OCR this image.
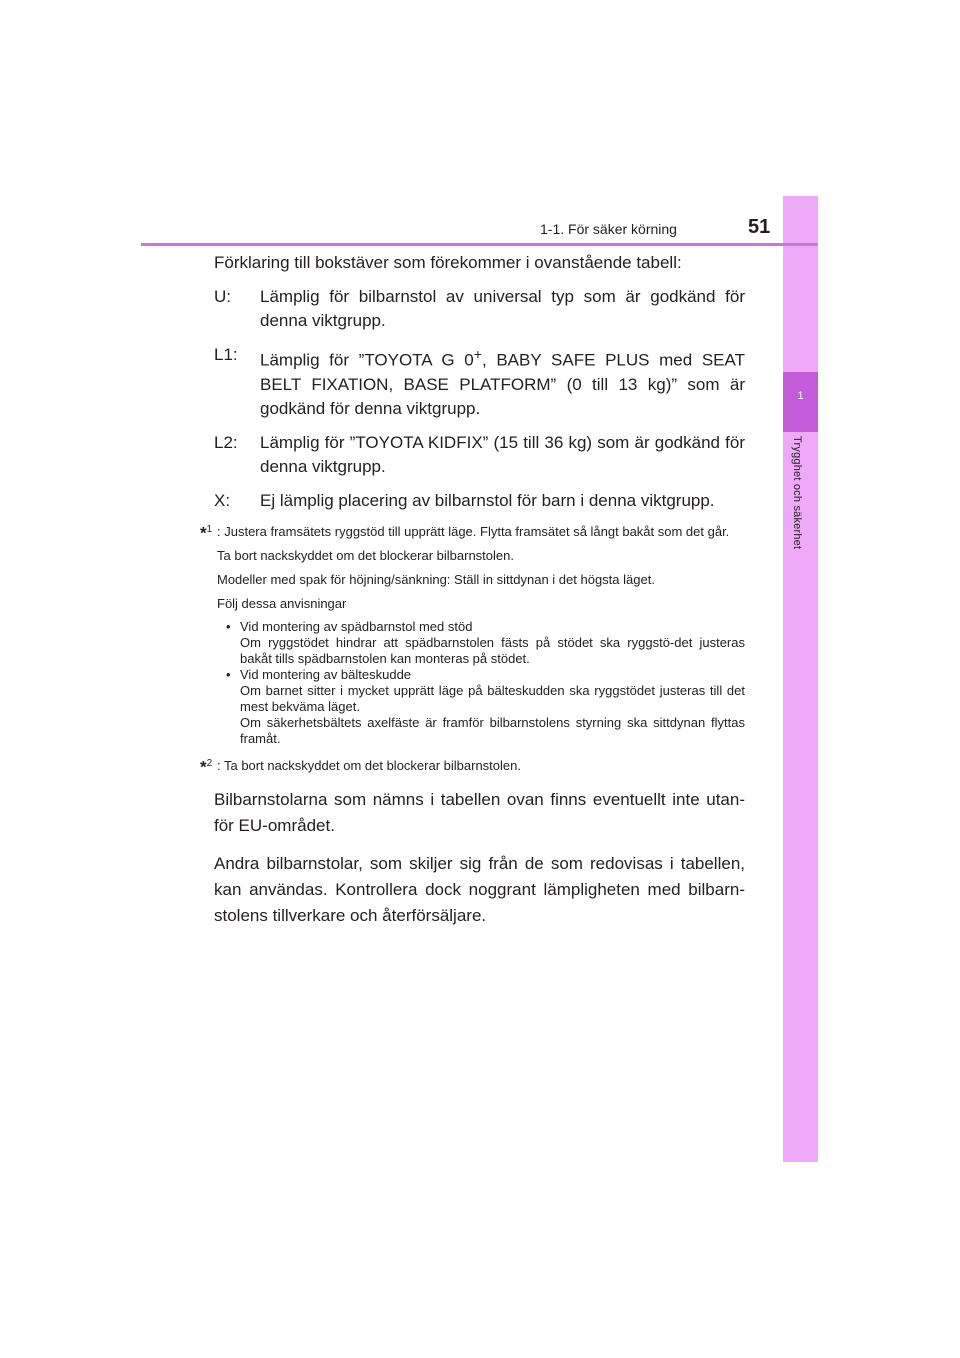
1
Trygghet och säkerhet
1-1. För säker körning	51
Förklaring till bokstäver som förekommer i ovanstående tabell:
U: Lämplig för bilbarnstol av universal typ som är godkänd för denna viktgrupp.
L1: Lämplig för ”TOYOTA G 0+, BABY SAFE PLUS med SEAT BELT FIXATION, BASE PLATFORM” (0 till 13 kg)” som är godkänd för denna viktgrupp.
L2: Lämplig för ”TOYOTA KIDFIX” (15 till 36 kg) som är godkänd för denna viktgrupp.
X: Ej lämplig placering av bilbarnstol för barn i denna viktgrupp.
*$^1$ : Justera framsätets ryggstöd till upprätt läge. Flytta framsätet så långt bakåt som det går.
Ta bort nackskyddet om det blockerar bilbarnstolen.
Modeller med spak för höjning/sänkning: Ställ in sittdynan i det högsta läget.
Följ dessa anvisningar
• Vid montering av spädbarnstol med stöd
Om ryggstödet hindrar att spädbarnstolen fästs på stödet ska ryggstö-det justeras bakåt tills spädbarnstolen kan monteras på stödet.
• Vid montering av bälteskudde
Om barnet sitter i mycket upprätt läge på bälteskudden ska ryggstödet justeras till det mest bekväma läget.
Om säkerhetsbältets axelfäste är framför bilbarnstolens styrning ska sittdynan flyttas framåt.
*$^2$ : Ta bort nackskyddet om det blockerar bilbarnstolen.
Bilbarnstolarna som nämns i tabellen ovan finns eventuellt inte utan-för EU-området.
Andra bilbarnstolar, som skiljer sig från de som redovisas i tabellen, kan användas. Kontrollera dock noggrant lämpligheten med bilbarn-stolens tillverkare och återförsäljare.
